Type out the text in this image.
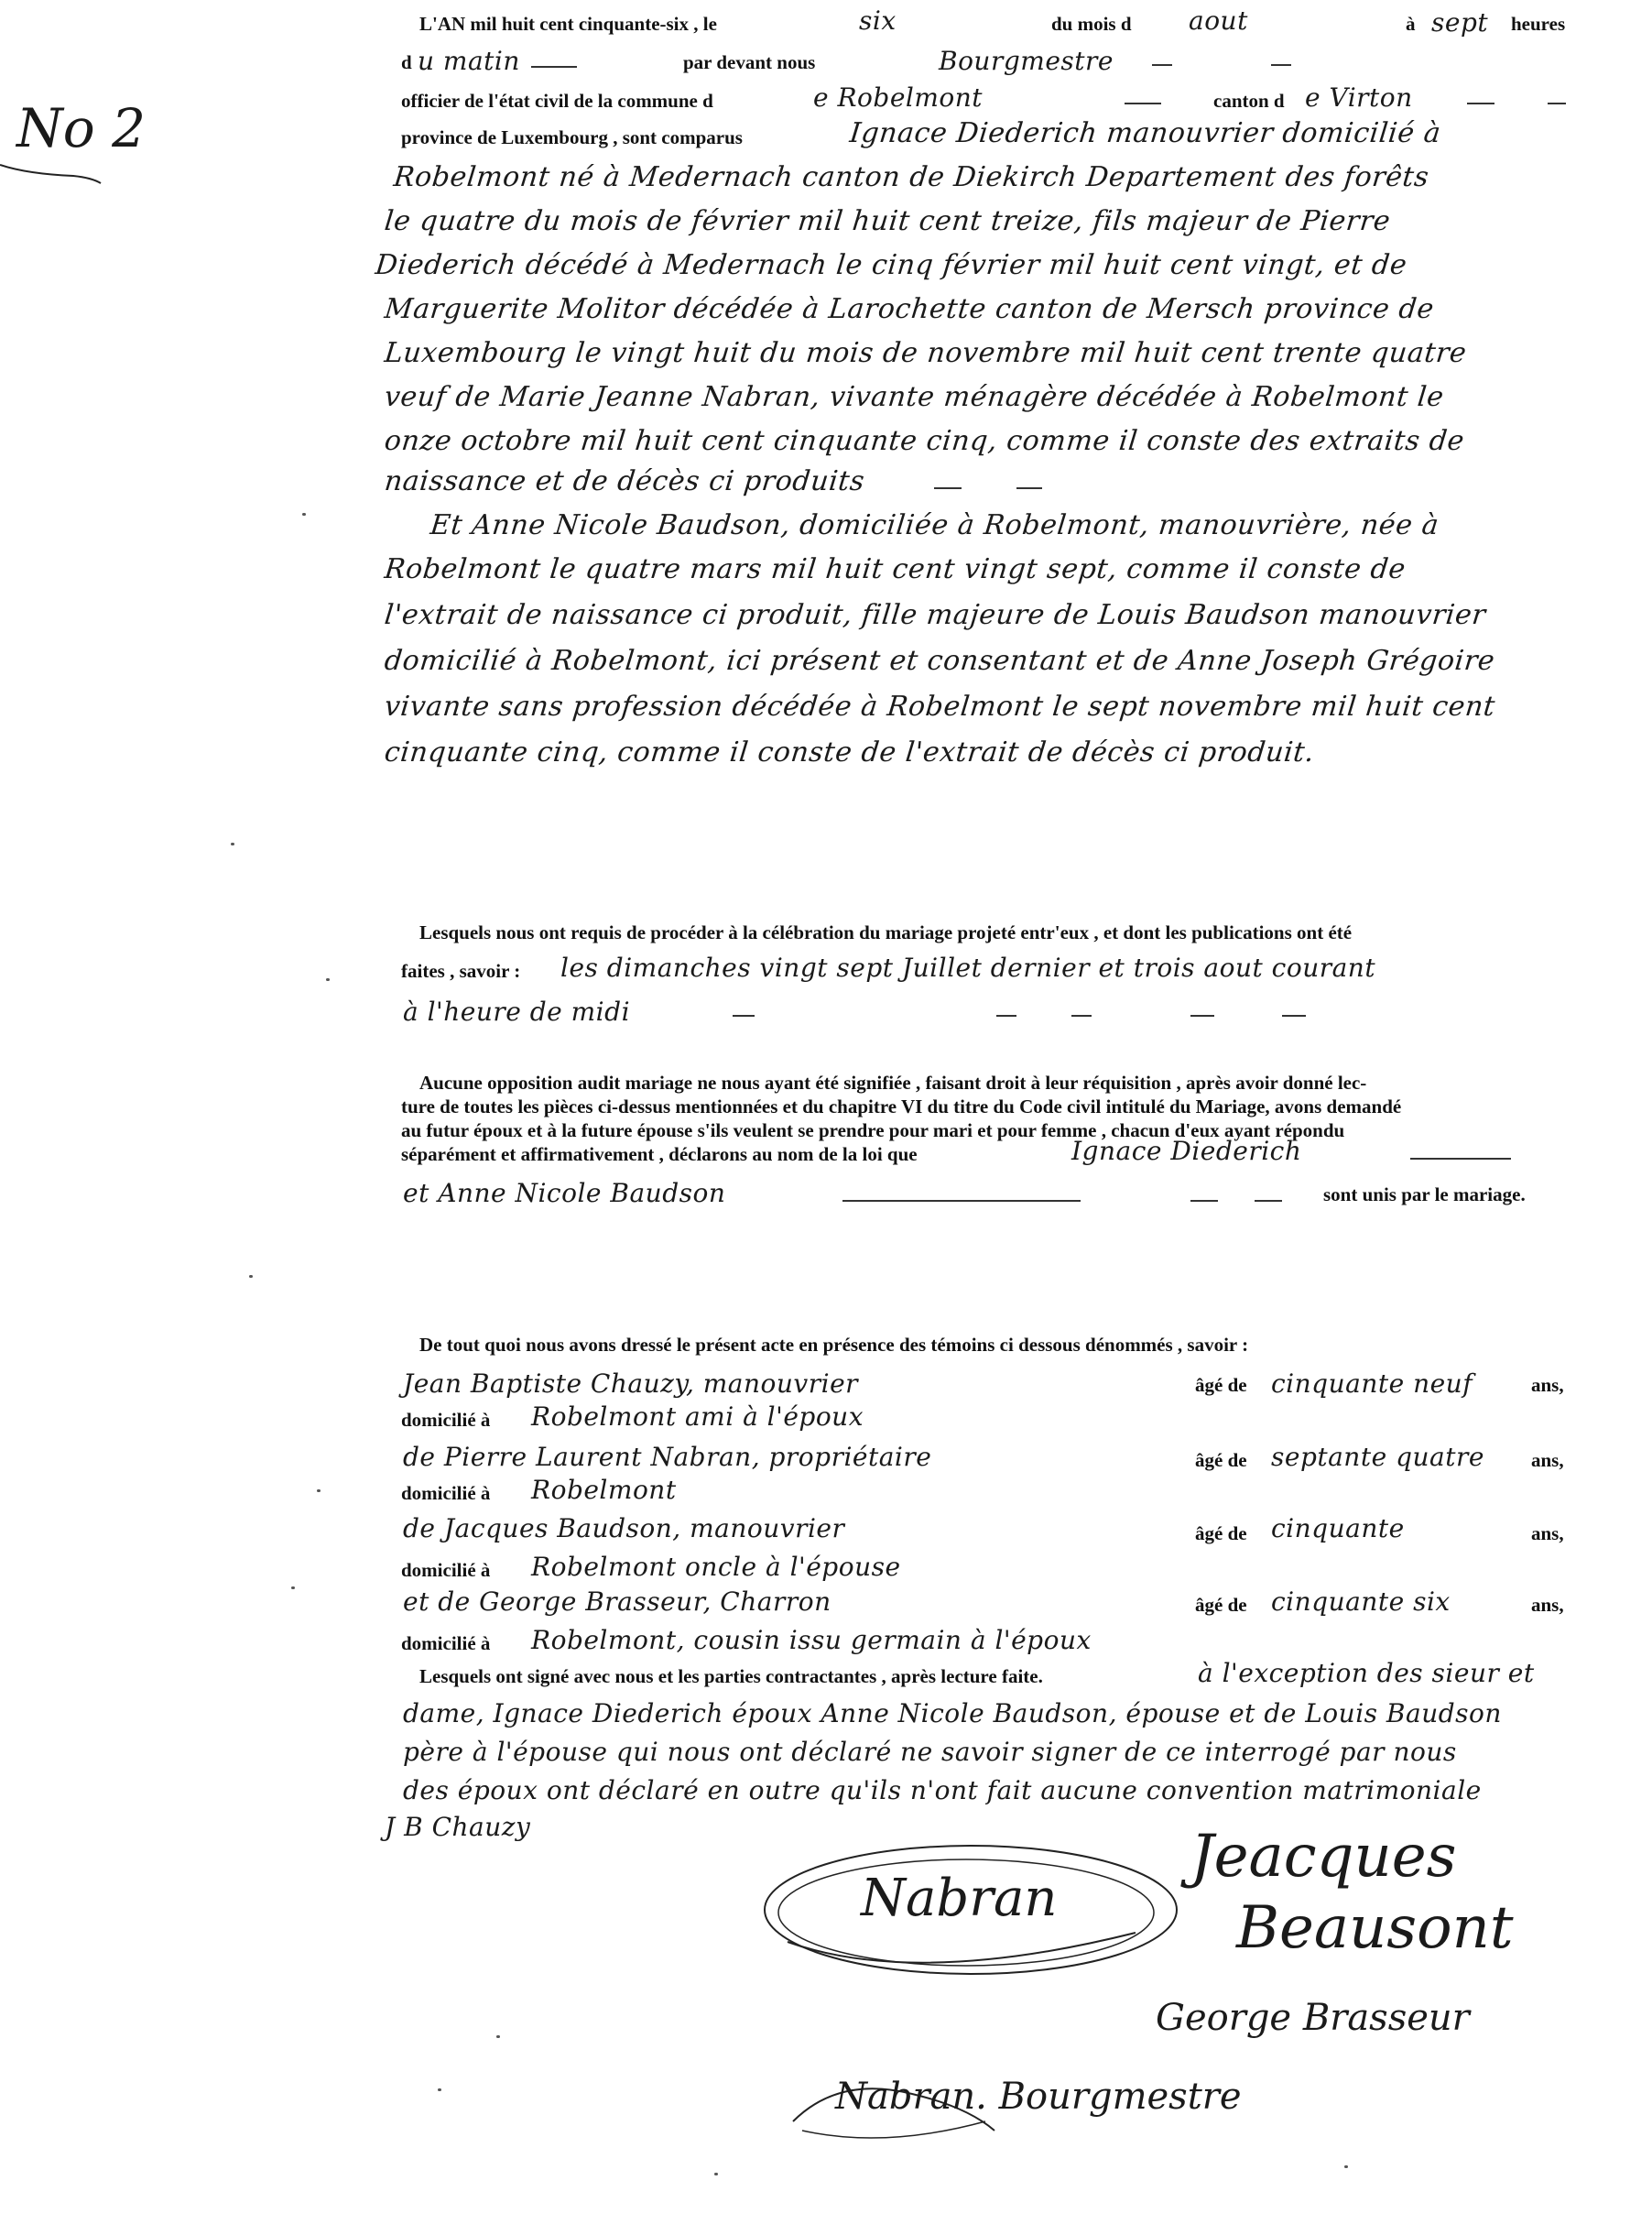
No 2
L'AN mil huit cent cinquante-six , le	six	du mois d aout	à sept heures
d u matin	par devant nous	Bourgmestre
officier de l'état civil de la commune d	e Robelmont	canton d e Virton
province de Luxembourg , sont comparus	Ignace Diederich manouvrier domicilié à
Robelmont né à Medernach canton de Diekirch Departement des forêts
le quatre du mois de février mil huit cent treize, fils majeur de Pierre
Diederich décédé à Medernach le cinq février mil huit cent vingt, et de
Marguerite Molitor décédée à Larochette canton de Mersch province de
Luxembourg le vingt huit du mois de novembre mil huit cent trente quatre
veuf de Marie Jeanne Nabran, vivante ménagère décédée à Robelmont le
onze octobre mil huit cent cinquante cinq, comme il conste des extraits de
naissance et de décès ci produits
Et Anne Nicole Baudson, domiciliée à Robelmont, manouvrière, née à
Robelmont le quatre mars mil huit cent vingt sept, comme il conste de
l'extrait de naissance ci produit, fille majeure de Louis Baudson manouvrier
domicilié à Robelmont, ici présent et consentant et de Anne Joseph Grégoire
vivante sans profession décédée à Robelmont le sept novembre mil huit cent
cinquante cinq, comme il conste de l'extrait de décès ci produit.
Lesquels nous ont requis de procéder à la célébration du mariage projeté entr'eux , et dont les publications ont été
faites , savoir : les dimanches vingt sept Juillet dernier et trois aout courant
à l'heure de midi
Aucune opposition audit mariage ne nous ayant été signifiée , faisant droit à leur réquisition , après avoir donné lec-
ture de toutes les pièces ci-dessus mentionnées et du chapitre VI du titre du Code civil intitulé du Mariage, avons demandé
au futur époux et à la future épouse s'ils veulent se prendre pour mari et pour femme , chacun d'eux ayant répondu
séparément et affirmativement , déclarons au nom de la loi que	Ignace Diederich
et Anne Nicole Baudson	sont unis par le mariage.
De tout quoi nous avons dressé le présent acte en présence des témoins ci dessous dénommés , savoir :
Jean Baptiste Chauzy, manouvrier	âgé de cinquante neuf	ans,
domicilié à Robelmont ami à l'époux
de Pierre Laurent Nabran, propriétaire	âgé de septante quatre ans,
domicilié à Robelmont
de Jacques Baudson, manouvrier	âgé de cinquante	ans,
domicilié à Robelmont oncle à l'épouse
et de George Brasseur, Charron	âgé de cinquante six	ans,
domicilié à Robelmont, cousin issu germain à l'époux
Lesquels ont signé avec nous et les parties contractantes , après lecture faite.	à l'exception des sieur et
dame, Ignace Diederich époux Anne Nicole Baudson, épouse et de Louis Baudson
père à l'épouse qui nous ont déclaré ne savoir signer de ce interrogé par nous
des époux ont déclaré en outre qu'ils n'ont fait aucune convention matrimoniale
J B Chauzy
Nabran
Jeacques
Beausont
George Brasseur
Nabran. Bourgmestre
